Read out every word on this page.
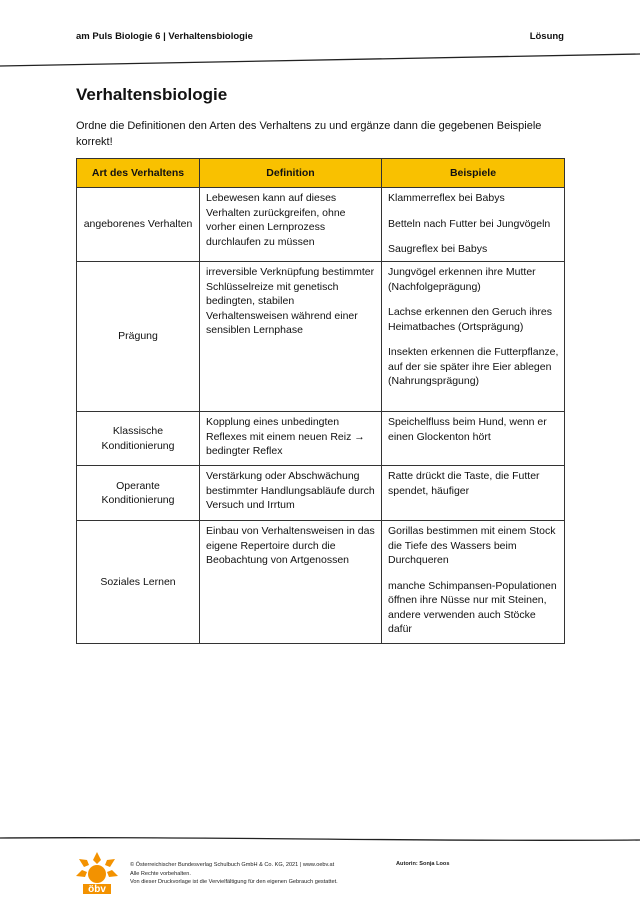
am Puls Biologie 6 | Verhaltensbiologie	Lösung
Verhaltensbiologie

Ordne die Definitionen den Arten des Verhaltens zu und ergänze dann die gegebenen Beispiele korrekt!

Art des Verhaltens	Definition	Beispiele
angeborenes Verhalten	Lebewesen kann auf dieses Verhalten zurückgreifen, ohne vorher einen Lernprozess durchlaufen zu müssen	Klammerreflex bei Babys

Betteln nach Futter bei Jungvögeln

Saugreflex bei Babys

Prägung	irreversible Verknüpfung bestimmter Schlüsselreize mit genetisch bedingten, stabilen Verhaltensweisen während einer sensiblen Lernphase	Jungvögel erkennen ihre Mutter (Nachfolgeprägung)

Lachse erkennen den Geruch ihres Heimatbaches (Ortsprägung)

Insekten erkennen die Futterpflanze, auf der sie später ihre Eier ablegen (Nahrungsprägung)

Klassische Konditionierung	Kopplung eines unbedingten Reflexes mit einem neuen Reiz → bedingter Reflex	Speichelfluss beim Hund, wenn er einen Glockenton hört

Operante Konditionierung	Verstärkung oder Abschwächung bestimmter Handlungsabläufe durch Versuch und Irrtum	Ratte drückt die Taste, die Futter spendet, häufiger

Soziales Lernen	Einbau von Verhaltensweisen in das eigene Repertoire durch die Beobachtung von Artgenossen	Gorillas bestimmen mit einem Stock die Tiefe des Wassers beim Durchqueren

manche Schimpansen-Populationen öffnen ihre Nüsse nur mit Steinen, andere verwenden auch Stöcke dafür

öbv
© Österreichischer Bundesverlag Schulbuch GmbH & Co. KG, 2021 | www.oebv.at
Alle Rechte vorbehalten.
Von dieser Druckvorlage ist die Vervielfältigung für den eigenen Gebrauch gestattet.
Autorin: Sonja Loos
